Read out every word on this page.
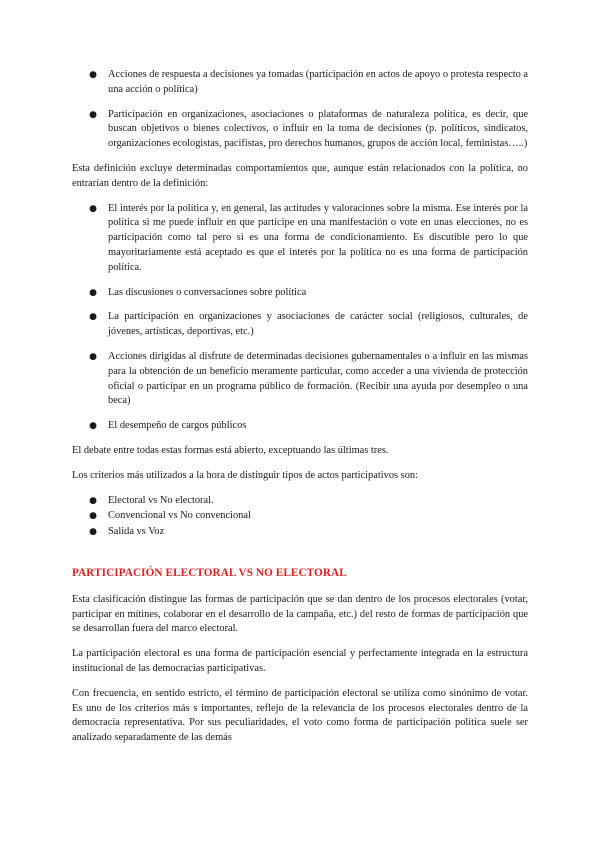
● Acciones de respuesta a decisiones ya tomadas (participación en actos de apoyo o protesta respecto a una acción o política)
● Participación en organizaciones, asociaciones o plataformas de naturaleza política, es decir, que buscan objetivos o bienes colectivos, o influir en la toma de decisiones (p. políticos, sindicatos, organizaciones ecologistas, pacifistas, pro derechos humanos, grupos de acción local, feministas…..)

Esta definición excluye determinadas comportamientos que, aunque están relacionados con la política, no entrarían dentro de la definición:

● El interés por la política y, en general, las actitudes y valoraciones sobre la misma. Ese interés por la política si me puede influir en que participe en una manifestación o vote en unas elecciones, no es participación como tal pero si es una forma de condicionamiento. Es discutible pero lo que mayoritariamente está aceptado es que el interés por la política no es una forma de participación política.
● Las discusiones o conversaciones sobre política
● La participación en organizaciones y asociaciones de carácter social (religiosos, culturales, de jóvenes, artísticas, deportivas, etc.)
● Acciones dirigidas al disfrute de determinadas decisiones gubernamentales o a influir en las mismas para la obtención de un beneficio meramente particular, como acceder a una vivienda de protección oficial o participar en un programa público de formación. (Recibir una ayuda por desempleo o una beca)
● El desempeño de cargos públicos

El debate entre todas estas formas está abierto, exceptuando las últimas tres.

Los criterios más utilizados a la hora de distinguir tipos de actos participativos son:

● Electoral vs No electoral.
● Convencional vs No convencional
● Salida vs Voz
PARTICIPACIÓN ELECTORAL VS NO ELECTORAL

Esta clasificación distingue las formas de participación que se dan dentro de los procesos electorales (votar, participar en mítines, colaborar en el desarrollo de la campaña, etc.) del resto de formas de participación que se desarrollan fuera del marco electoral.

La participación electoral es una forma de participación esencial y perfectamente integrada en la estructura institucional de las democracias participativas.

Con frecuencia, en sentido estricto, el término de participación electoral se utiliza como sinónimo de votar. Es uno de los criterios más s importantes, reflejo de la relevancia de los procesos electorales dentro de la democracia representativa. Por sus peculiaridades, el voto como forma de participación política suele ser analizado separadamente de las demás
